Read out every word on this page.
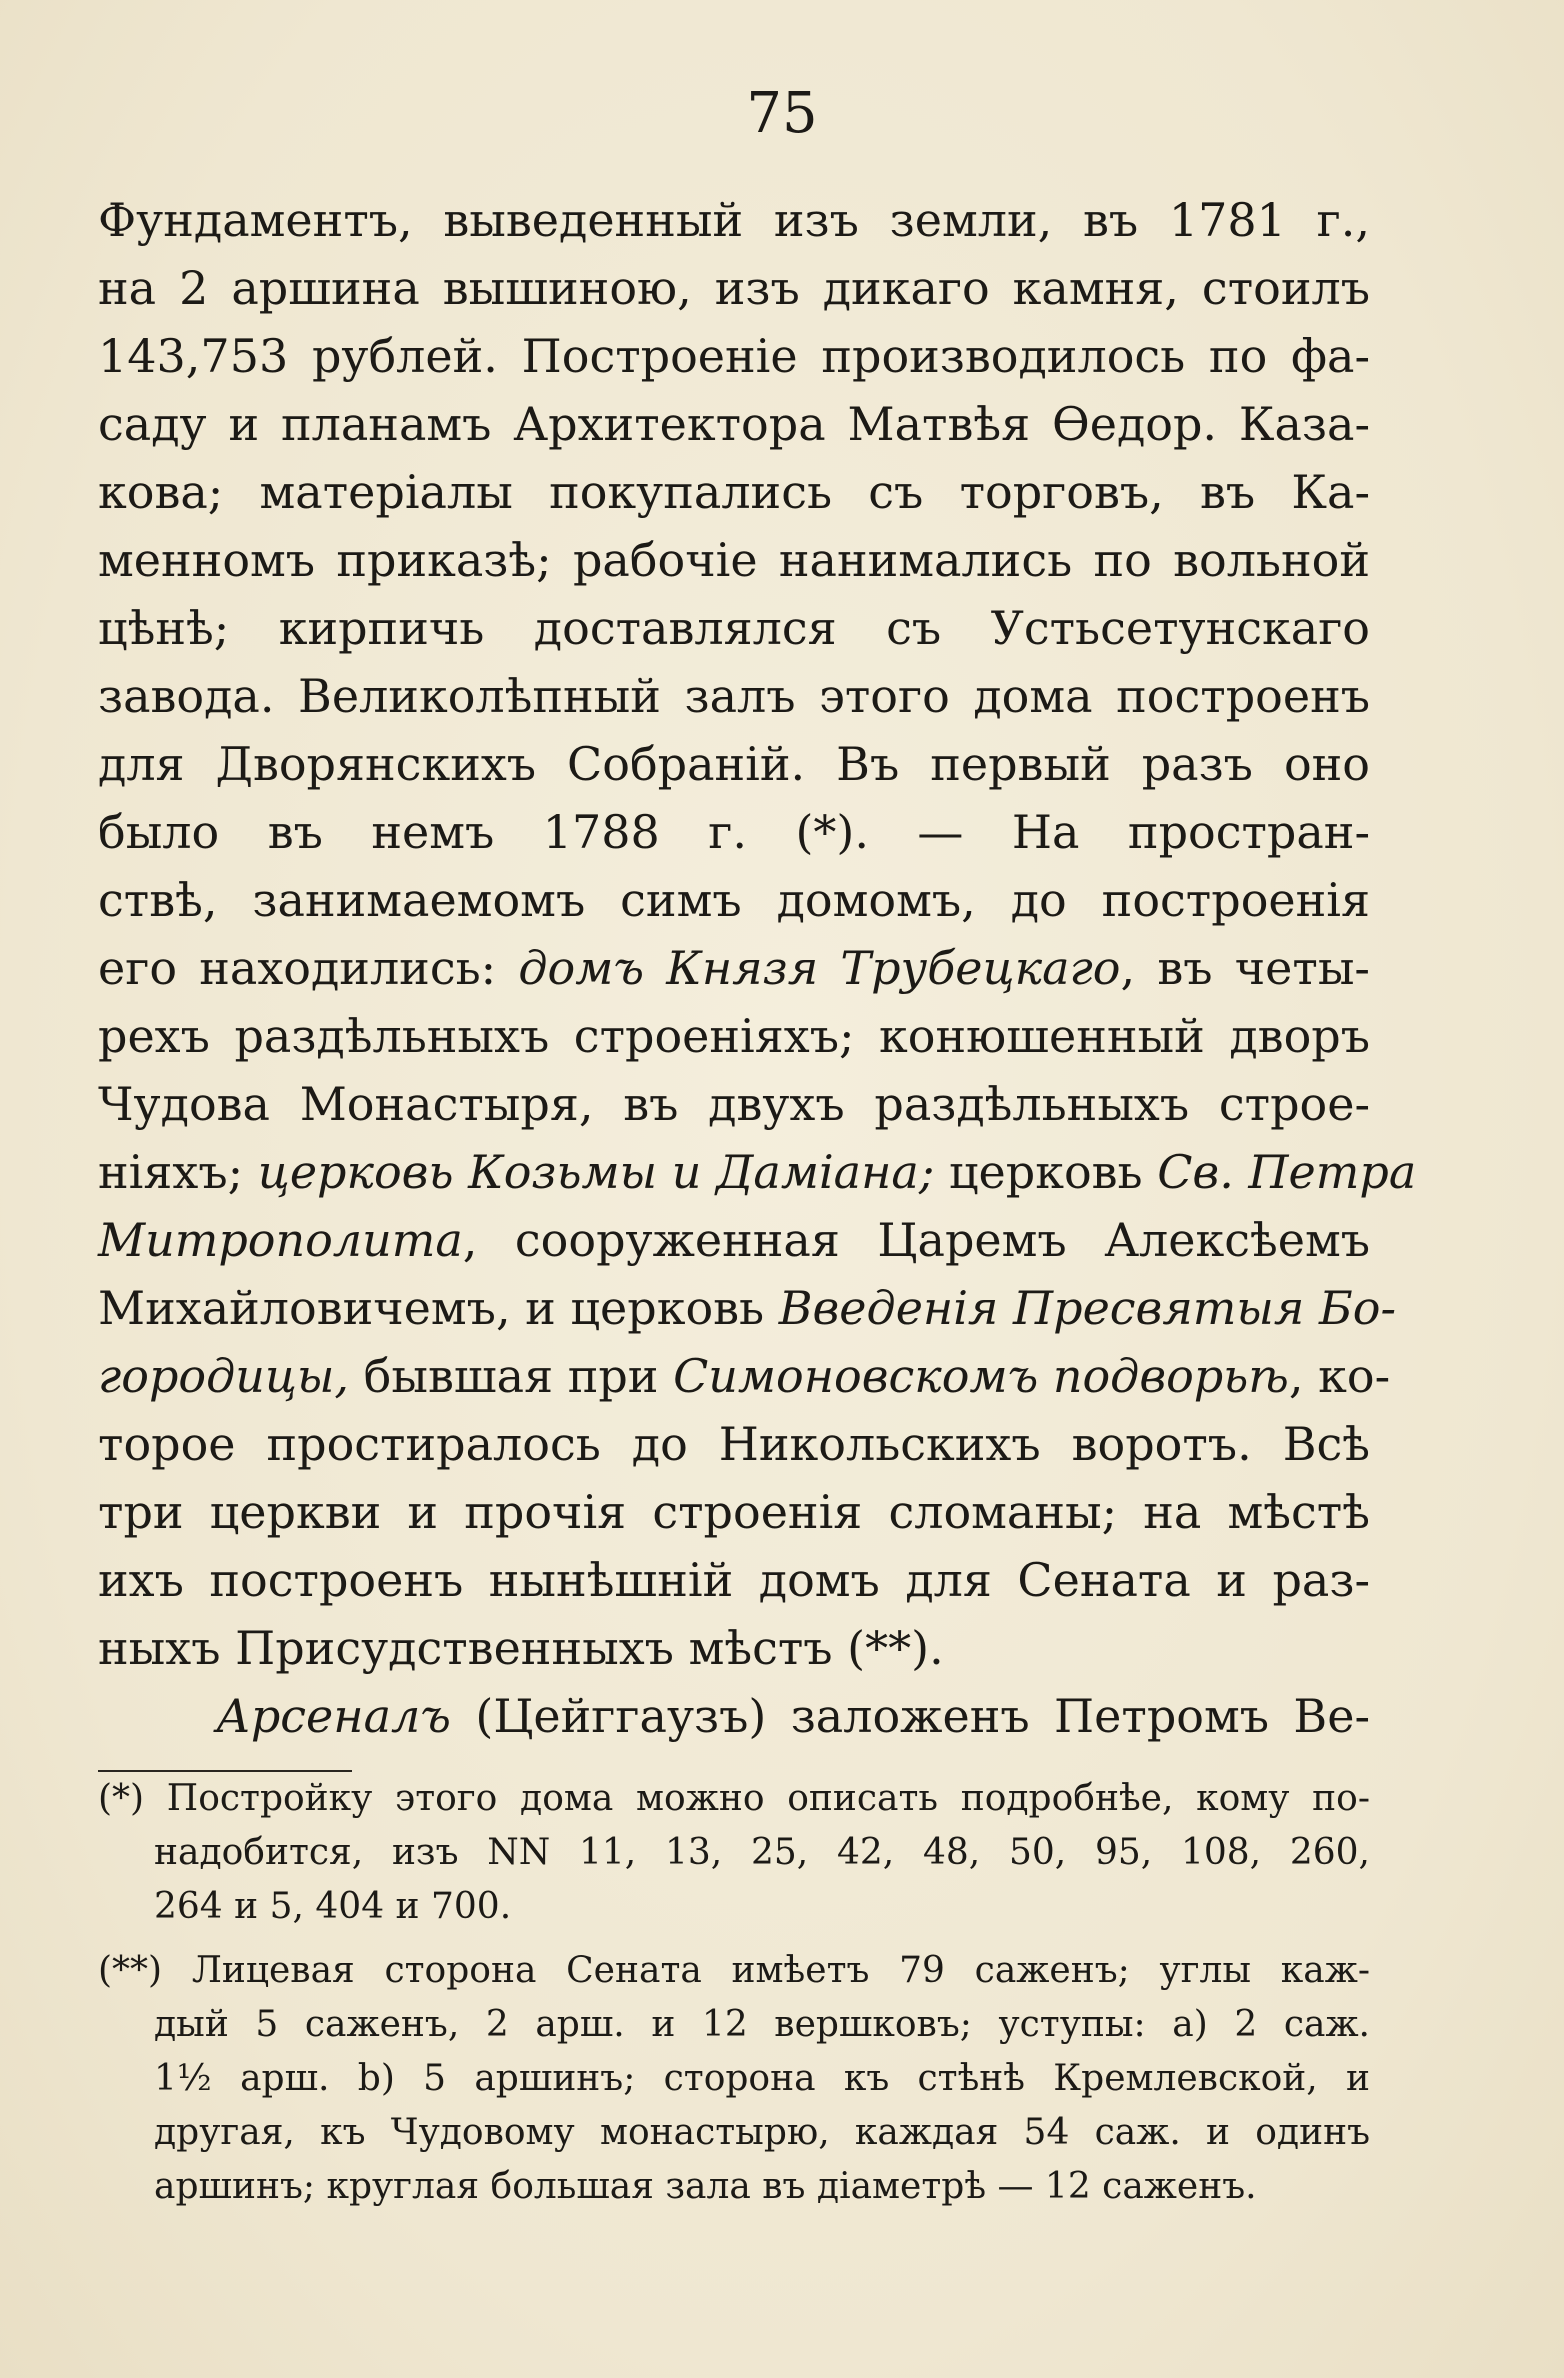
75
Фундаментъ, выведенный изъ земли, въ 1781 г.,
на 2 аршина вышиною, изъ дикаго камня, стоилъ
143,753 рублей. Построеніе производилось по фа-
саду и планамъ Архитектора Матвѣя Ѳедор. Каза-
кова; матеріалы покупались съ торговъ, въ Ка-
менномъ приказѣ; рабочіе нанимались по вольной
цѣнѣ; кирпичь доставлялся съ Устьсетунскаго
завода. Великолѣпный залъ этого дома построенъ
для Дворянскихъ Собраній. Въ первый разъ оно
было въ немъ 1788 г. (*). — На простран-
ствѣ, занимаемомъ симъ домомъ, до построенія
его находились: домъ Князя Трубецкаго, въ четы-
рехъ раздѣльныхъ строеніяхъ; конюшенный дворъ
Чудова Монастыря, въ двухъ раздѣльныхъ строе-
ніяхъ; церковь Козьмы и Даміана; церковь Св. Петра
Митрополита, сооруженная Царемъ Алексѣемъ
Михайловичемъ, и церковь Введенія Пресвятыя Бо-
городицы, бывшая при Симоновскомъ подворьѣ, ко-
торое простиралось до Никольскихъ воротъ. Всѣ
три церкви и прочія строенія сломаны; на мѣстѣ
ихъ построенъ нынѣшній домъ для Сената и раз-
ныхъ Присудственныхъ мѣстъ (**).
Арсеналъ (Цейггаузъ) заложенъ Петромъ Ве-
(*) Постройку этого дома можно описать подробнѣе, кому по-
надобится, изъ NN 11, 13, 25, 42, 48, 50, 95, 108, 260,
264 и 5, 404 и 700.
(**) Лицевая сторона Сената имѣетъ 79 саженъ; углы каж-
дый 5 саженъ, 2 арш. и 12 вершковъ; уступы: а) 2 саж.
1½ арш. b) 5 аршинъ; сторона къ стѣнѣ Кремлевской, и
другая, къ Чудовому монастырю, каждая 54 саж. и одинъ
аршинъ; круглая большая зала въ діаметрѣ — 12 саженъ.
